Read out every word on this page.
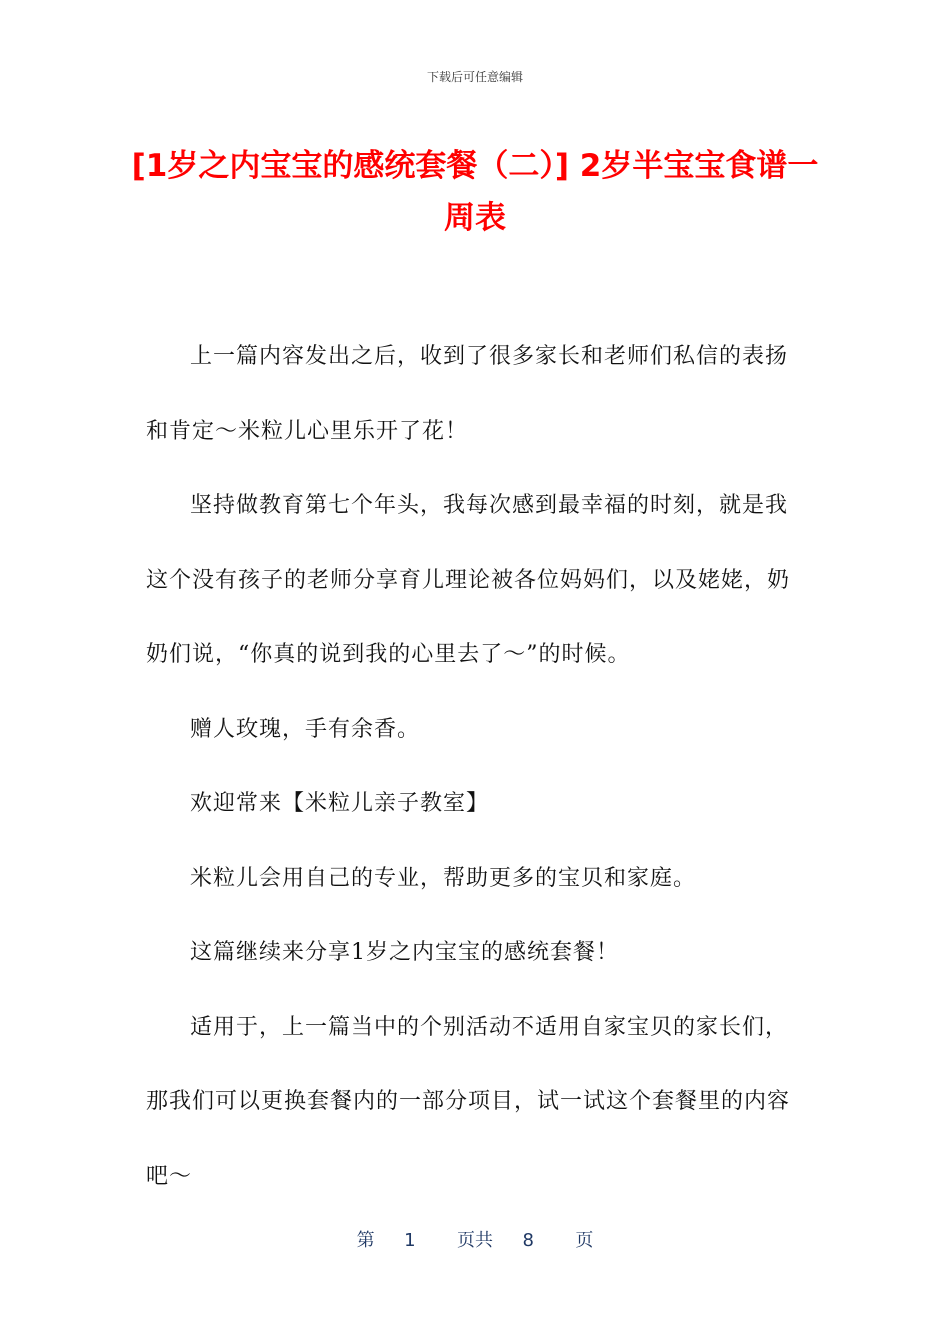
下载后可任意编辑
[1岁之内宝宝的感统套餐（二）] 2岁半宝宝食谱一周表

上一篇内容发出之后，收到了很多家长和老师们私信的表扬和肯定～米粒儿心里乐开了花！

坚持做教育第七个年头，我每次感到最幸福的时刻，就是我这个没有孩子的老师分享育儿理论被各位妈妈们，以及姥姥，奶奶们说，“你真的说到我的心里去了～”的时候。

赠人玫瑰，手有余香。

欢迎常来【米粒儿亲子教室】

米粒儿会用自己的专业，帮助更多的宝贝和家庭。

这篇继续来分享1岁之内宝宝的感统套餐！

适用于，上一篇当中的个别活动不适用自家宝贝的家长们，那我们可以更换套餐内的一部分项目，试一试这个套餐里的内容吧～

第 1 页共 8 页
